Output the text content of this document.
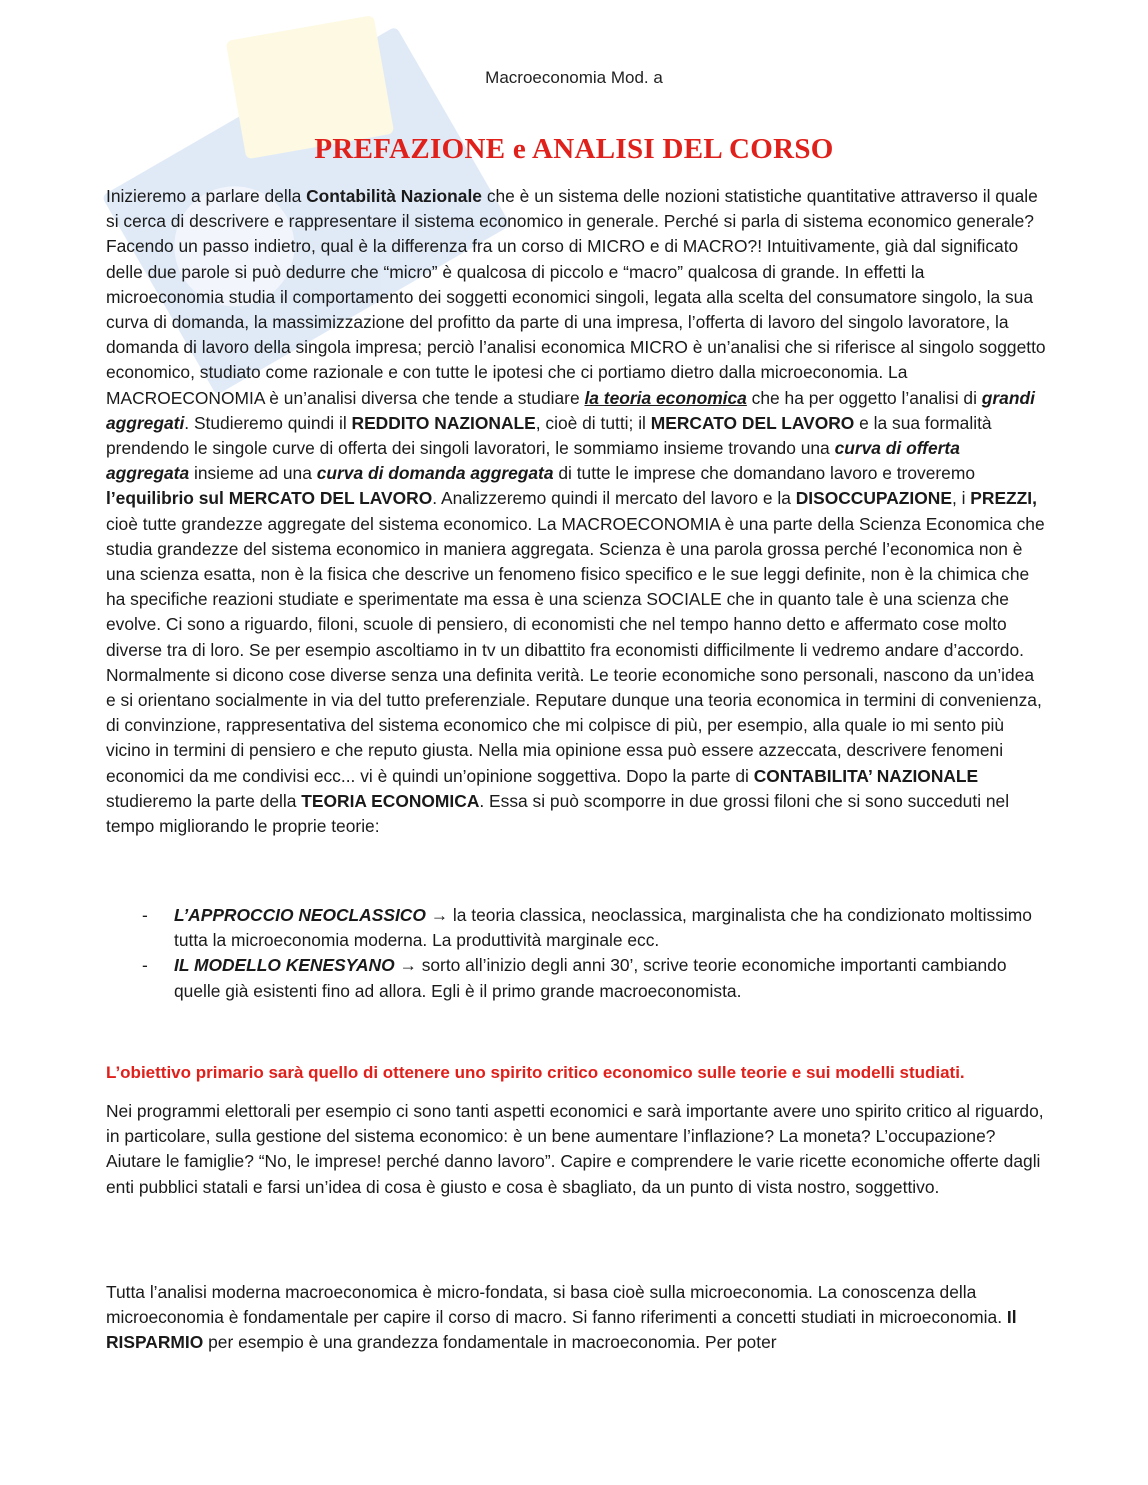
Macroeconomia Mod. a
PREFAZIONE e ANALISI DEL CORSO

Inizieremo a parlare della Contabilità Nazionale che è un sistema delle nozioni statistiche quantitative attraverso il quale si cerca di descrivere e rappresentare il sistema economico in generale. Perché si parla di sistema economico generale? Facendo un passo indietro, qual è la differenza fra un corso di MICRO e di MACRO?! Intuitivamente, già dal significato delle due parole si può dedurre che “micro” è qualcosa di piccolo e “macro” qualcosa di grande. In effetti la microeconomia studia il comportamento dei soggetti economici singoli, legata alla scelta del consumatore singolo, la sua curva di domanda, la massimizzazione del profitto da parte di una impresa, l’offerta di lavoro del singolo lavoratore, la domanda di lavoro della singola impresa; perciò l’analisi economica MICRO è un’analisi che si riferisce al singolo soggetto economico, studiato come razionale e con tutte le ipotesi che ci portiamo dietro dalla microeconomia. La MACROECONOMIA è un’analisi diversa che tende a studiare la teoria economica che ha per oggetto l’analisi di grandi aggregati. Studieremo quindi il REDDITO NAZIONALE, cioè di tutti; il MERCATO DEL LAVORO e la sua formalità prendendo le singole curve di offerta dei singoli lavoratori, le sommiamo insieme trovando una curva di offerta aggregata insieme ad una curva di domanda aggregata di tutte le imprese che domandano lavoro e troveremo l’equilibrio sul MERCATO DEL LAVORO. Analizzeremo quindi il mercato del lavoro e la DISOCCUPAZIONE, i PREZZI, cioè tutte grandezze aggregate del sistema economico. La MACROECONOMIA è una parte della Scienza Economica che studia grandezze del sistema economico in maniera aggregata. Scienza è una parola grossa perché l’economica non è una scienza esatta, non è la fisica che descrive un fenomeno fisico specifico e le sue leggi definite, non è la chimica che ha specifiche reazioni studiate e sperimentate ma essa è una scienza SOCIALE che in quanto tale è una scienza che evolve. Ci sono a riguardo, filoni, scuole di pensiero, di economisti che nel tempo hanno detto e affermato cose molto diverse tra di loro. Se per esempio ascoltiamo in tv un dibattito fra economisti difficilmente li vedremo andare d’accordo. Normalmente si dicono cose diverse senza una definita verità. Le teorie economiche sono personali, nascono da un’idea e si orientano socialmente in via del tutto preferenziale. Reputare dunque una teoria economica in termini di convenienza, di convinzione, rappresentativa del sistema economico che mi colpisce di più, per esempio, alla quale io mi sento più vicino in termini di pensiero e che reputo giusta. Nella mia opinione essa può essere azzeccata, descrivere fenomeni economici da me condivisi ecc... vi è quindi un’opinione soggettiva. Dopo la parte di CONTABILITA’ NAZIONALE studieremo la parte della TEORIA ECONOMICA. Essa si può scomporre in due grossi filoni che si sono succeduti nel tempo migliorando le proprie teorie:

- L’APPROCCIO NEOCLASSICO → la teoria classica, neoclassica, marginalista che ha condizionato moltissimo tutta la microeconomia moderna. La produttività marginale ecc.
- IL MODELLO KENESYANO → sorto all’inizio degli anni 30’, scrive teorie economiche importanti cambiando quelle già esistenti fino ad allora. Egli è il primo grande macroeconomista.

L’obiettivo primario sarà quello di ottenere uno spirito critico economico sulle teorie e sui modelli studiati.

Nei programmi elettorali per esempio ci sono tanti aspetti economici e sarà importante avere uno spirito critico al riguardo, in particolare, sulla gestione del sistema economico: è un bene aumentare l’inflazione? La moneta? L’occupazione? Aiutare le famiglie? “No, le imprese! perché danno lavoro”. Capire e comprendere le varie ricette economiche offerte dagli enti pubblici statali e farsi un’idea di cosa è giusto e cosa è sbagliato, da un punto di vista nostro, soggettivo.

Tutta l’analisi moderna macroeconomica è micro-fondata, si basa cioè sulla microeconomia. La conoscenza della microeconomia è fondamentale per capire il corso di macro. Si fanno riferimenti a concetti studiati in microeconomia. Il RISPARMIO per esempio è una grandezza fondamentale in macroeconomia. Per poter
